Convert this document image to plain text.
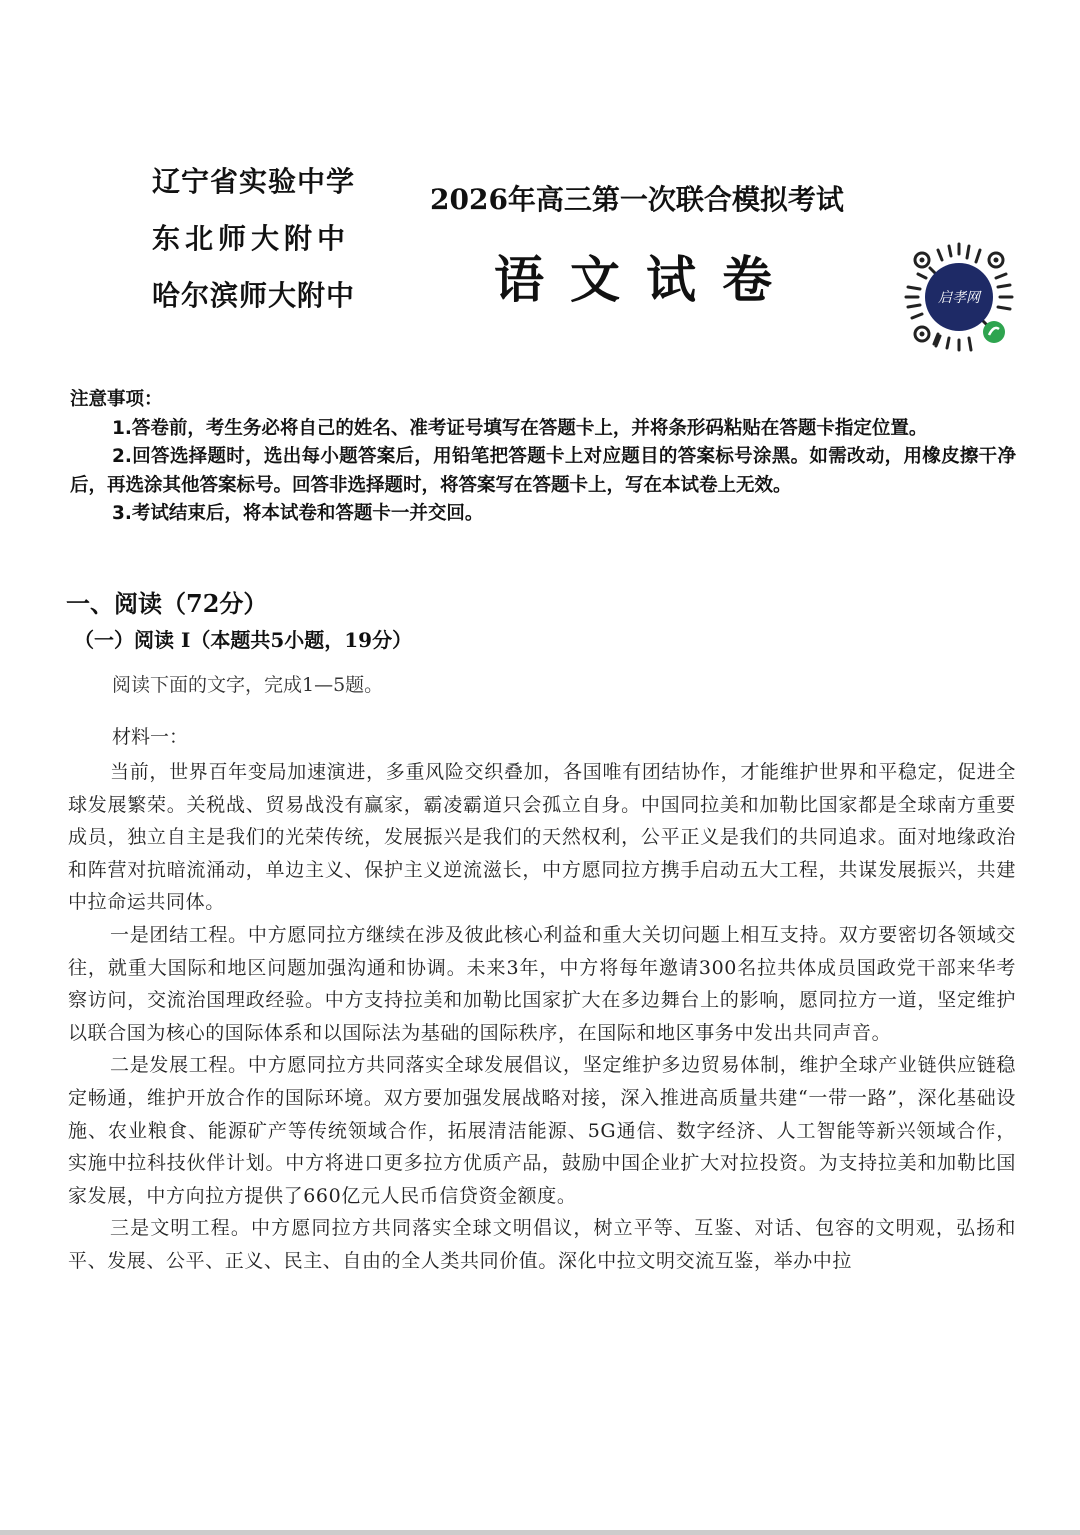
辽宁省实验中学
东北师大附中
哈尔滨师大附中
2026年高三第一次联合模拟考试
语文试卷	启孝网

注意事项：

1.答卷前，考生务必将自己的姓名、准考证号填写在答题卡上，并将条形码粘贴在答题卡指定位置。

2.回答选择题时，选出每小题答案后，用铅笔把答题卡上对应题目的答案标号涂黑。如需改动，用橡皮擦干净后，再选涂其他答案标号。回答非选择题时，将答案写在答题卡上，写在本试卷上无效。

3.考试结束后，将本试卷和答题卡一并交回。

一、阅读（72分）
（一）阅读 I（本题共5小题，19分）
阅读下面的文字，完成1—5题。
材料一：

当前，世界百年变局加速演进，多重风险交织叠加，各国唯有团结协作，才能维护世界和平稳定，促进全球发展繁荣。关税战、贸易战没有赢家，霸凌霸道只会孤立自身。中国同拉美和加勒比国家都是全球南方重要成员，独立自主是我们的光荣传统，发展振兴是我们的天然权利，公平正义是我们的共同追求。面对地缘政治和阵营对抗暗流涌动，单边主义、保护主义逆流滋长，中方愿同拉方携手启动五大工程，共谋发展振兴，共建中拉命运共同体。

一是团结工程。中方愿同拉方继续在涉及彼此核心利益和重大关切问题上相互支持。双方要密切各领域交往，就重大国际和地区问题加强沟通和协调。未来3年，中方将每年邀请300名拉共体成员国政党干部来华考察访问，交流治国理政经验。中方支持拉美和加勒比国家扩大在多边舞台上的影响，愿同拉方一道，坚定维护以联合国为核心的国际体系和以国际法为基础的国际秩序，在国际和地区事务中发出共同声音。

二是发展工程。中方愿同拉方共同落实全球发展倡议，坚定维护多边贸易体制，维护全球产业链供应链稳定畅通，维护开放合作的国际环境。双方要加强发展战略对接，深入推进高质量共建“一带一路”，深化基础设施、农业粮食、能源矿产等传统领域合作，拓展清洁能源、5G通信、数字经济、人工智能等新兴领域合作，实施中拉科技伙伴计划。中方将进口更多拉方优质产品，鼓励中国企业扩大对拉投资。为支持拉美和加勒比国家发展，中方向拉方提供了660亿元人民币信贷资金额度。

三是文明工程。中方愿同拉方共同落实全球文明倡议，树立平等、互鉴、对话、包容的文明观，弘扬和平、发展、公平、正义、民主、自由的全人类共同价值。深化中拉文明交流互鉴，举办中拉
